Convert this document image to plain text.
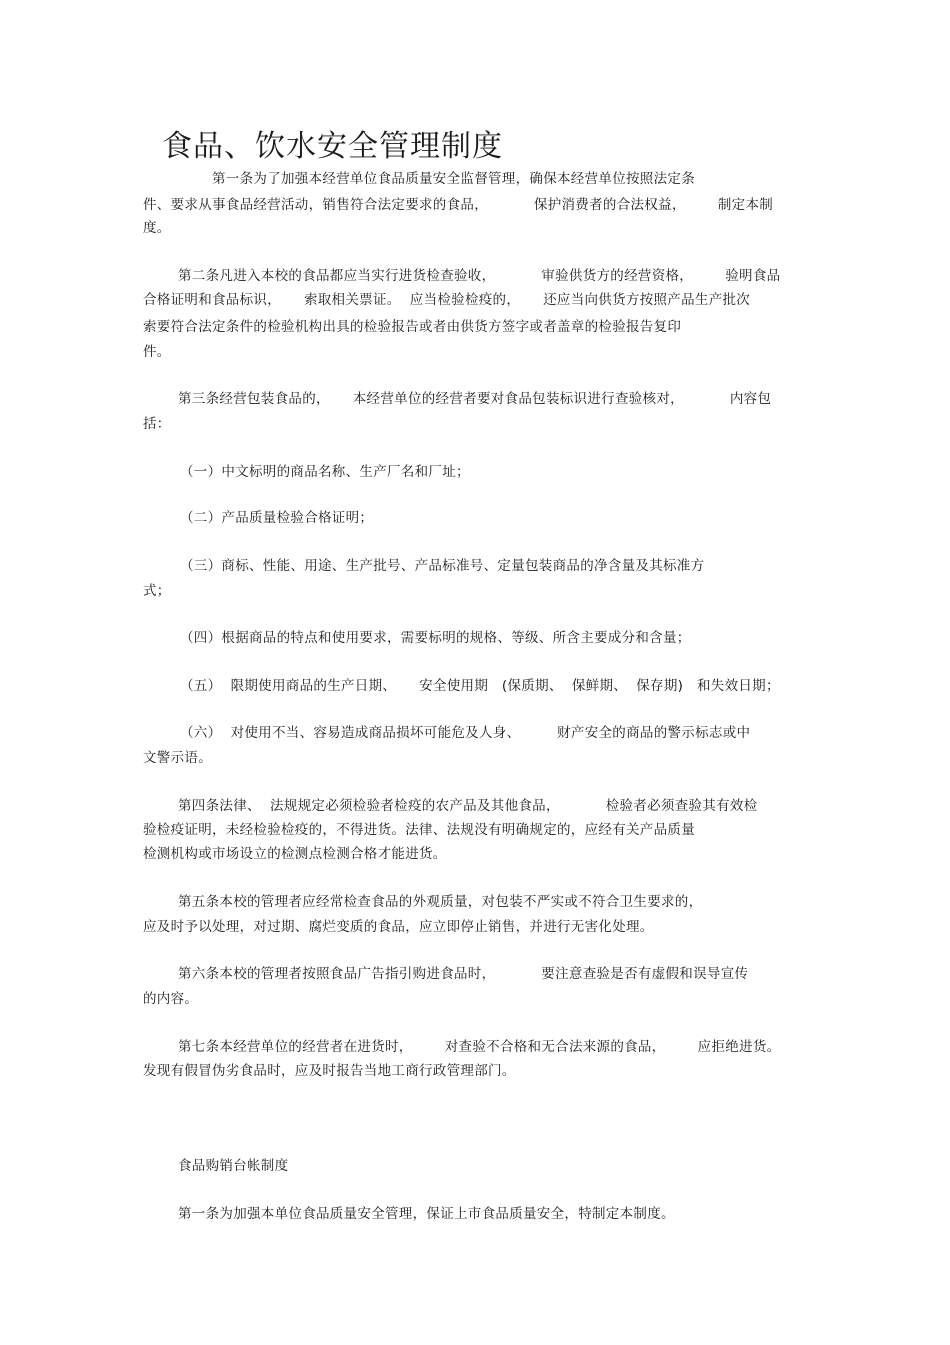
食品、饮水安全管理制度
第一条为了加强本经营单位食品质量安全监督管理，确保本经营单位按照法定条
件、要求从事食品经营活动，销售符合法定要求的食品，          保护消费者的合法权益，       制定本制
度。
第二条凡进入本校的食品都应当实行进货检查验收，          审验供货方的经营资格，       验明食品
合格证明和食品标识，     索取相关票证。  应当检验检疫的，     还应当向供货方按照产品生产批次
索要符合法定条件的检验机构出具的检验报告或者由供货方签字或者盖章的检验报告复印
件。
第三条经营包装食品的，     本经营单位的经营者要对食品包装标识进行查验核对，          内容包
括：
（一）中文标明的商品名称、生产厂名和厂址；
（二）产品质量检验合格证明；
（三）商标、性能、用途、生产批号、产品标准号、定量包装商品的净含量及其标准方
式；
（四）根据商品的特点和使用要求，需要标明的规格、等级、所含主要成分和含量；
（五）  限期使用商品的生产日期、     安全使用期   (保质期、  保鲜期、  保存期)   和失效日期；
（六）  对使用不当、容易造成商品损坏可能危及人身、        财产安全的商品的警示标志或中
文警示语。
第四条法律、  法规规定必须检验者检疫的农产品及其他食品，          检验者必须查验其有效检
验检疫证明，未经检验检疫的，不得进货。法律、法规没有明确规定的，应经有关产品质量
检测机构或市场设立的检测点检测合格才能进货。
第五条本校的管理者应经常检查食品的外观质量，对包装不严实或不符合卫生要求的，
应及时予以处理，对过期、腐烂变质的食品，应立即停止销售，并进行无害化处理。
第六条本校的管理者按照食品广告指引购进食品时，          要注意查验是否有虚假和误导宣传
的内容。
第七条本经营单位的经营者在进货时，       对查验不合格和无合法来源的食品，       应拒绝进货。
发现有假冒伪劣食品时，应及时报告当地工商行政管理部门。
食品购销台帐制度
第一条为加强本单位食品质量安全管理，保证上市食品质量安全，特制定本制度。
